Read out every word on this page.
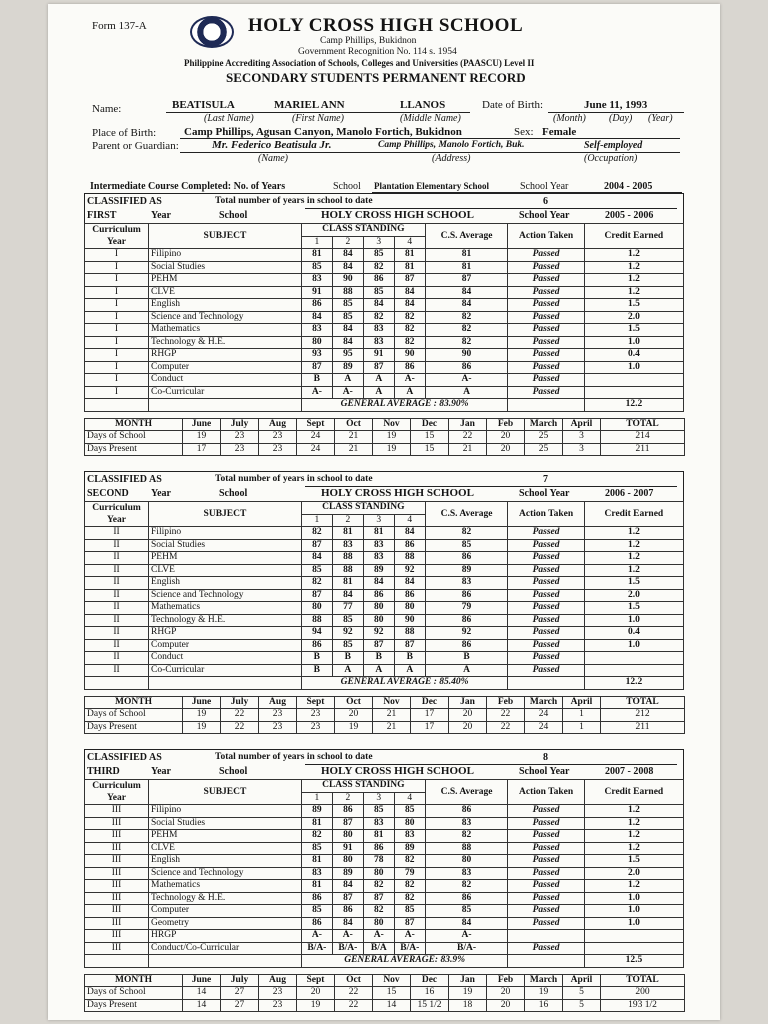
Form 137-A	HOLY CROSS HIGH SCHOOL
Camp Phillips, Bukidnon
Government Recognition No. 114 s. 1954
Philippine Accrediting Association of Schools, Colleges and Universities (PAASCU) Level II
SECONDARY STUDENTS PERMANENT RECORD
Name:	BEATISULA	MARIEL ANN	LLANOS	Date of Birth:	June 11, 1993
(Last Name)	(First Name)	(Middle Name)	(Month) (Day) (Year)
Place of Birth:	Camp Phillips, Agusan Canyon, Manolo Fortich, Bukidnon	Sex: Female
Parent or Guardian:	Mr. Federico Beatisula Jr.	Camp Phillips, Manolo Fortich, Buk.	Self-employed
(Name)	(Address)	(Occupation)
Intermediate Course Completed: No. of Years	School Plantation Elementary School	School Year	2004 - 2005
CLASSIFIED AS	Total number of years in school to date	6
FIRST	Year	School	HOLY CROSS HIGH SCHOOL	School Year	2005 - 2006
Curriculum	SUBJECT	CLASS STANDING				C.S. Average	Action Taken	Credit Earned
Year		1	2	3	4			
I	Filipino	81	84	85	81	81	Passed	1.2
I	Social Studies	85	84	82	81	81	Passed	1.2
I	PEHM	83	90	86	87	87	Passed	1.2
I	CLVE	91	88	85	84	84	Passed	1.2
I	English	86	85	84	84	84	Passed	1.5
I	Science and Technology	84	85	82	82	82	Passed	2.0
I	Mathematics	83	84	83	82	82	Passed	1.5
I	Technology & H.E.	80	84	83	82	82	Passed	1.0
I	RHGP	93	95	91	90	90	Passed	0.4
I	Computer	87	89	87	86	86	Passed	1.0
I	Conduct	B	A	A	A-	A-	Passed	
I	Co-Curricular	A-	A-	A	A	A	Passed	
		GENERAL AVERAGE : 83.90%						12.2
MONTH	June	July	Aug	Sept	Oct	Nov	Dec	Jan	Feb	March	April	TOTAL
Days of School	19	23	23	24	21	19	15	22	20	25	3	214
Days Present	17	23	23	24	21	19	15	21	20	25	3	211
CLASSIFIED AS	Total number of years in school to date	7
SECOND Year	School	HOLY CROSS HIGH SCHOOL	School Year	2006 - 2007
Curriculum	SUBJECT	CLASS STANDING				C.S. Average	Action Taken	Credit Earned
Year		1	2	3	4			
II	Filipino	82	81	81	84	82	Passed	1.2
II	Social Studies	87	83	83	86	85	Passed	1.2
II	PEHM	84	88	83	88	86	Passed	1.2
II	CLVE	85	88	89	92	89	Passed	1.2
II	English	82	81	84	84	83	Passed	1.5
II	Science and Technology	87	84	86	86	86	Passed	2.0
II	Mathematics	80	77	80	80	79	Passed	1.5
II	Technology & H.E.	88	85	80	90	86	Passed	1.0
II	RHGP	94	92	92	88	92	Passed	0.4
II	Computer	86	85	87	87	86	Passed	1.0
II	Conduct	B	B	B	B	B	Passed	
II	Co-Curricular	B	A	A	A	A	Passed	
		GENERAL AVERAGE : 85.40%						12.2
MONTH	June	July	Aug	Sept	Oct	Nov	Dec	Jan	Feb	March	April	TOTAL
Days of School	19	22	23	23	20	21	17	20	22	24	1	212
Days Present	19	22	23	23	19	21	17	20	22	24	1	211
CLASSIFIED AS	Total number of years in school to date	8
THIRD	Year	School	HOLY CROSS HIGH SCHOOL	School Year	2007 - 2008
Curriculum	SUBJECT	CLASS STANDING				C.S. Average	Action Taken	Credit Earned
Year		1	2	3	4			
III	Filipino	89	86	85	85	86	Passed	1.2
III	Social Studies	81	87	83	80	83	Passed	1.2
III	PEHM	82	80	81	83	82	Passed	1.2
III	CLVE	85	91	86	89	88	Passed	1.2
III	English	81	80	78	82	80	Passed	1.5
III	Science and Technology	83	89	80	79	83	Passed	2.0
III	Mathematics	81	84	82	82	82	Passed	1.2
III	Technology & H.E.	86	87	87	82	86	Passed	1.0
III	Computer	85	86	82	85	85	Passed	1.0
III	Geometry	86	84	80	87	84	Passed	1.0
III	HRGP	A-	A-	A-	A-	A-		
III	Conduct/Co-Curricular	B/A-	B/A-	B/A	B/A-	B/A-	Passed	
		GENERAL AVERAGE: 83.9%						12.5
MONTH	June	July	Aug	Sept	Oct	Nov	Dec	Jan	Feb	March	April	TOTAL
Days of School	14	27	23	20	22	15	16	19	20	19	5	200
Days Present	14	27	23	19	22	14	15 1/2	18	20	16	5	193 1/2
